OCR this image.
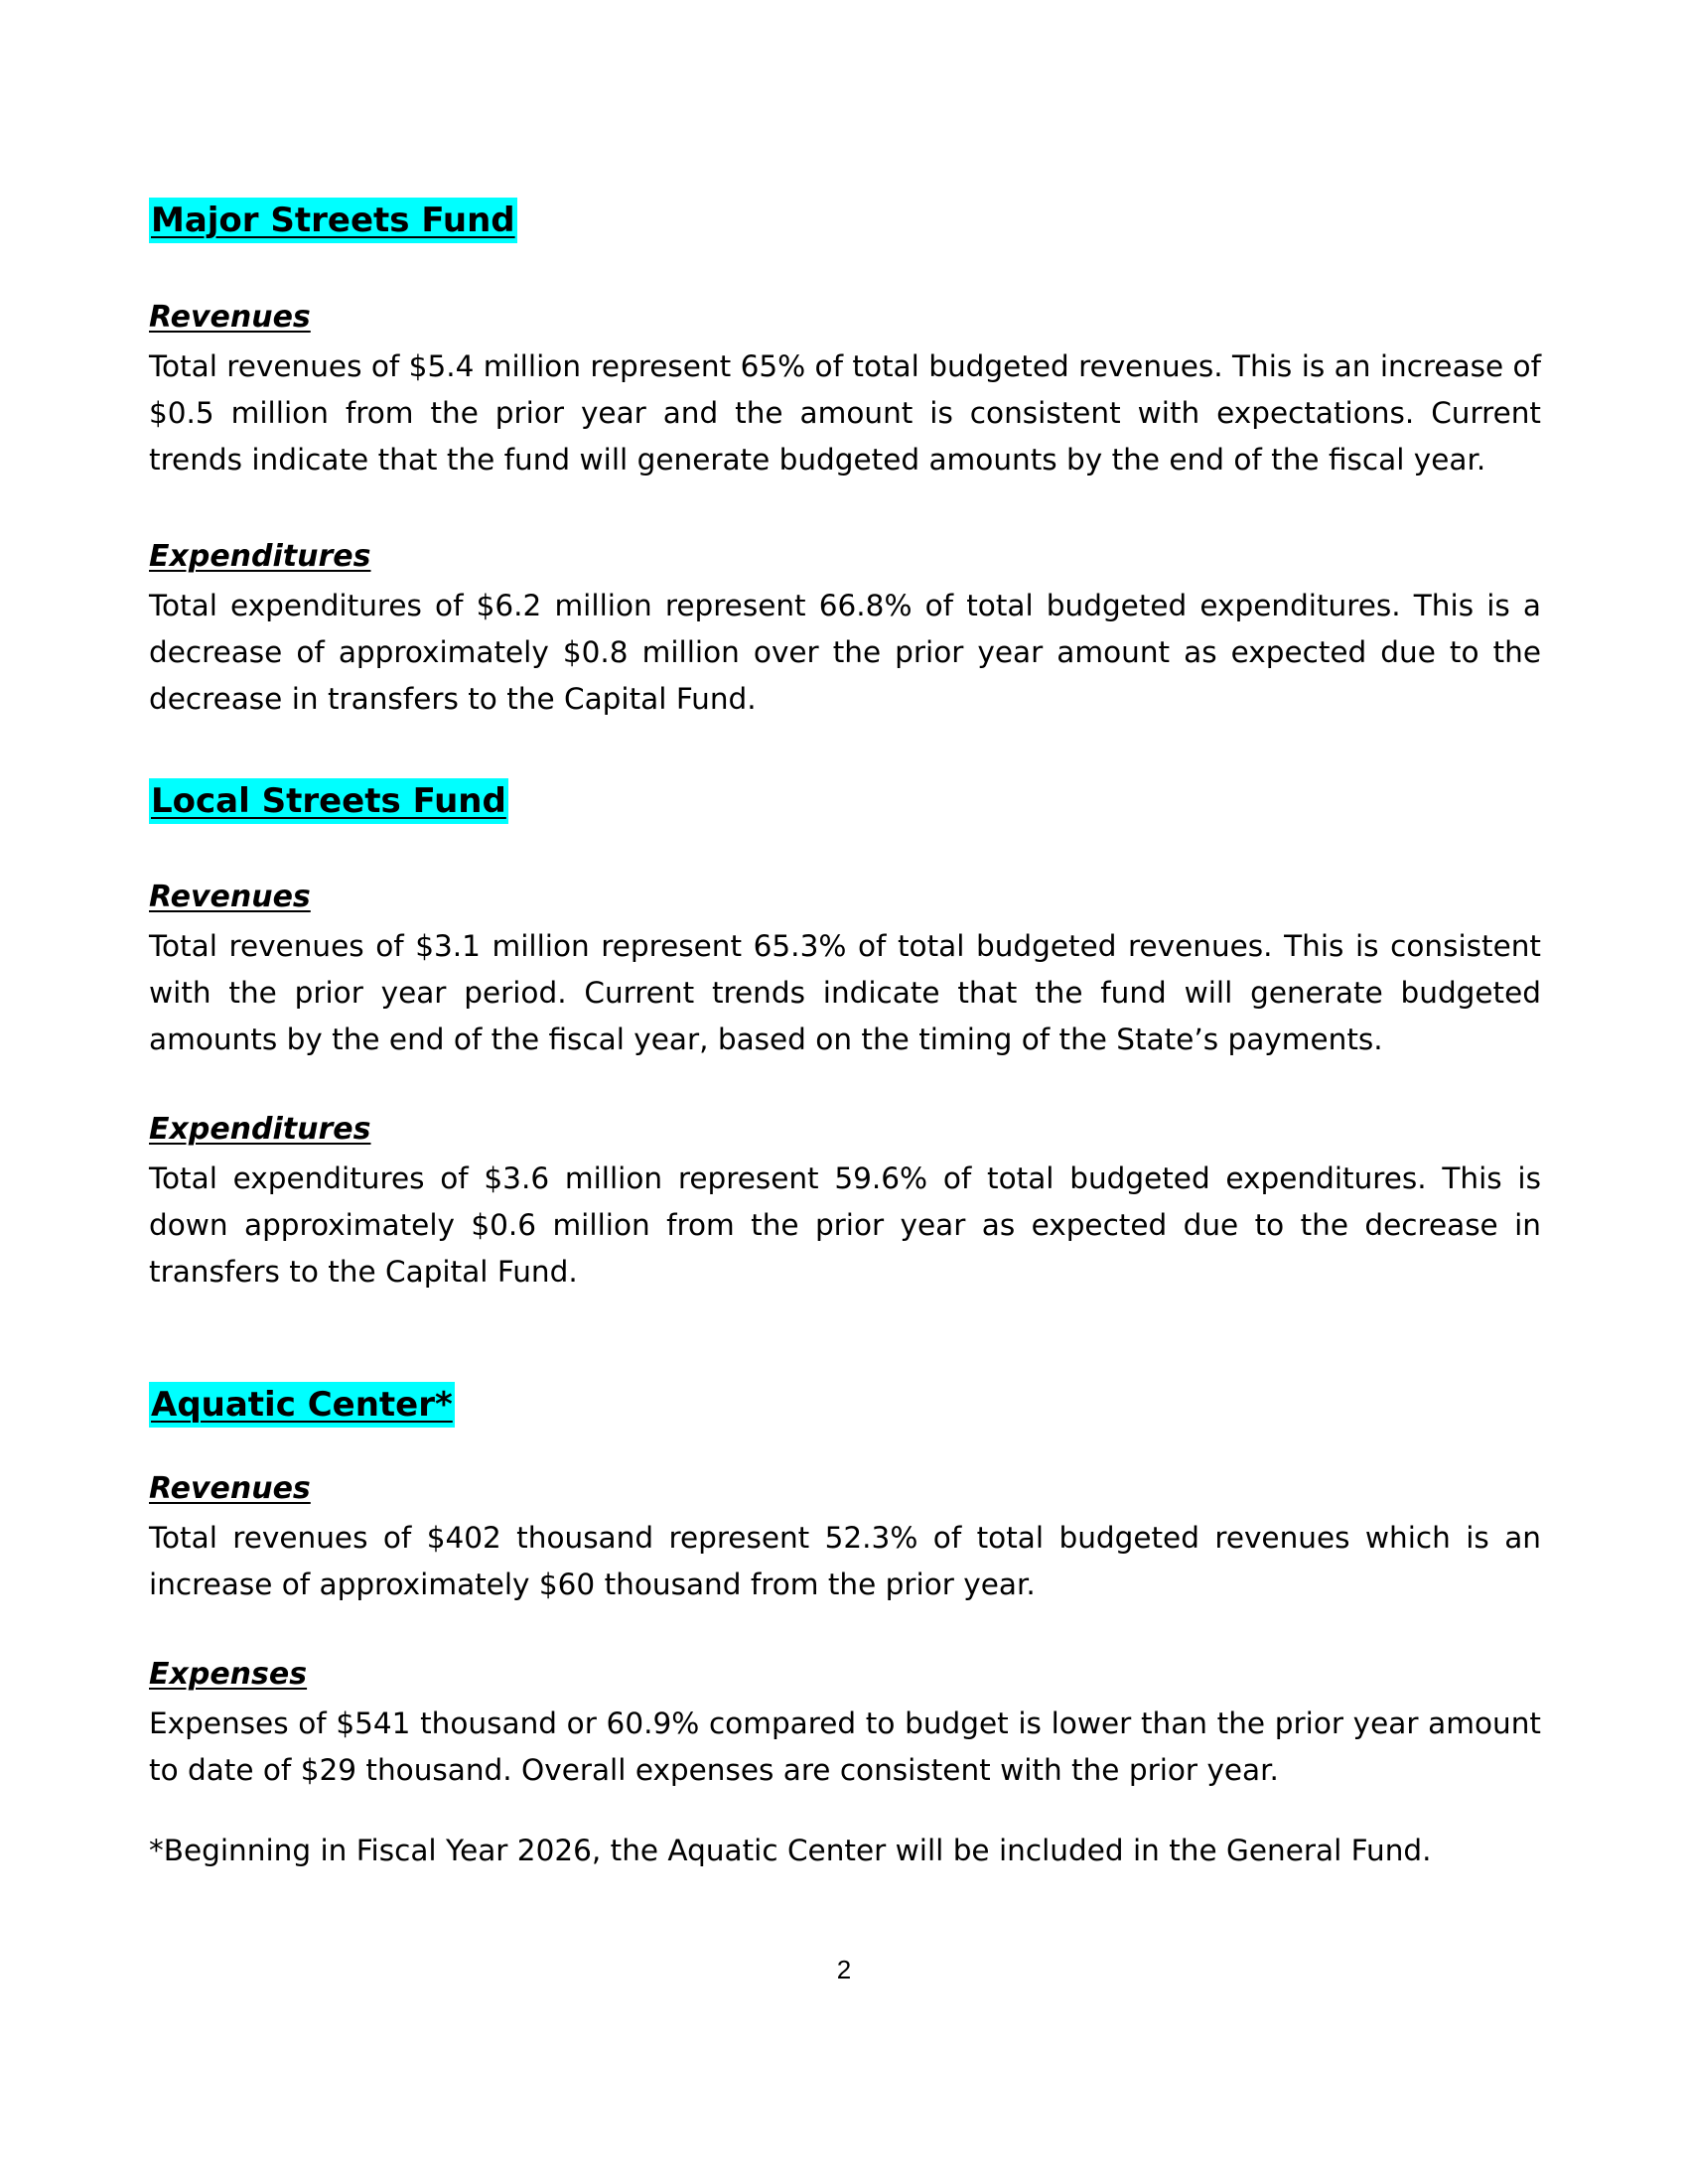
Major Streets Fund
Revenues

Total revenues of $5.4 million represent 65% of total budgeted revenues. This is an increase of $0.5 million from the prior year and the amount is consistent with expectations. Current trends indicate that the fund will generate budgeted amounts by the end of the fiscal year.

Expenditures

Total expenditures of $6.2 million represent 66.8% of total budgeted expenditures. This is a decrease of approximately $0.8 million over the prior year amount as expected due to the decrease in transfers to the Capital Fund.

Local Streets Fund
Revenues

Total revenues of $3.1 million represent 65.3% of total budgeted revenues. This is consistent with the prior year period. Current trends indicate that the fund will generate budgeted amounts by the end of the fiscal year, based on the timing of the State’s payments.

Expenditures

Total expenditures of $3.6 million represent 59.6% of total budgeted expenditures. This is down approximately $0.6 million from the prior year as expected due to the decrease in transfers to the Capital Fund.

Aquatic Center*
Revenues

Total revenues of $402 thousand represent 52.3% of total budgeted revenues which is an increase of approximately $60 thousand from the prior year.

Expenses

Expenses of $541 thousand or 60.9% compared to budget is lower than the prior year amount to date of $29 thousand. Overall expenses are consistent with the prior year.

*Beginning in Fiscal Year 2026, the Aquatic Center will be included in the General Fund.

2
